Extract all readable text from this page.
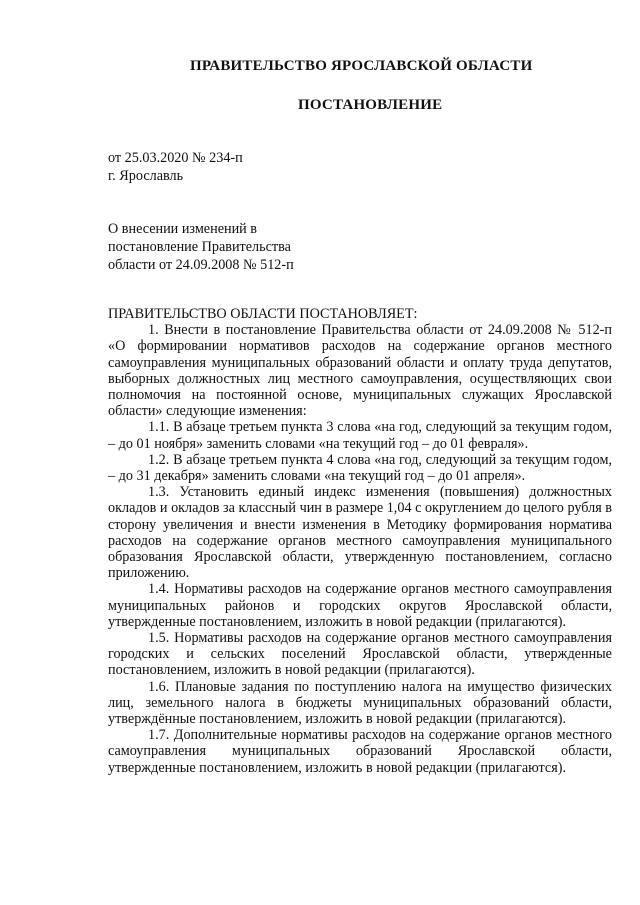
ПРАВИТЕЛЬСТВО ЯРОСЛАВСКОЙ ОБЛАСТИ
ПОСТАНОВЛЕНИЕ
от 25.03.2020 № 234-п
г. Ярославль
О внесении изменений в
постановление Правительства
области от 24.09.2008 № 512-п

ПРАВИТЕЛЬСТВО ОБЛАСТИ ПОСТАНОВЛЯЕТ:

1. Внести в постановление Правительства области от 24.09.2008 № 512-п «О формировании нормативов расходов на содержание органов местного самоуправления муниципальных образований области и оплату труда депутатов, выборных должностных лиц местного самоуправления, осуществляющих свои полномочия на постоянной основе, муниципальных служащих Ярославской области» следующие изменения:

1.1. В абзаце третьем пункта 3 слова «на год, следующий за текущим годом, – до 01 ноября» заменить словами «на текущий год – до 01 февраля».

1.2. В абзаце третьем пункта 4 слова «на год, следующий за текущим годом, – до 31 декабря» заменить словами «на текущий год – до 01 апреля».

1.3. Установить единый индекс изменения (повышения) должностных окладов и окладов за классный чин в размере 1,04 с округлением до целого рубля в сторону увеличения и внести изменения в Методику формирования норматива расходов на содержание органов местного самоуправления муниципального образования Ярославской области, утвержденную постановлением, согласно приложению.

1.4. Нормативы расходов на содержание органов местного самоуправления муниципальных районов и городских округов Ярославской области, утвержденные постановлением, изложить в новой редакции (прилагаются).

1.5. Нормативы расходов на содержание органов местного самоуправления городских и сельских поселений Ярославской области, утвержденные постановлением, изложить в новой редакции (прилагаются).

1.6. Плановые задания по поступлению налога на имущество физических лиц, земельного налога в бюджеты муниципальных образований области, утверждённые постановлением, изложить в новой редакции (прилагаются).

1.7. Дополнительные нормативы расходов на содержание органов местного самоуправления муниципальных образований Ярославской области, утвержденные постановлением, изложить в новой редакции (прилагаются).
